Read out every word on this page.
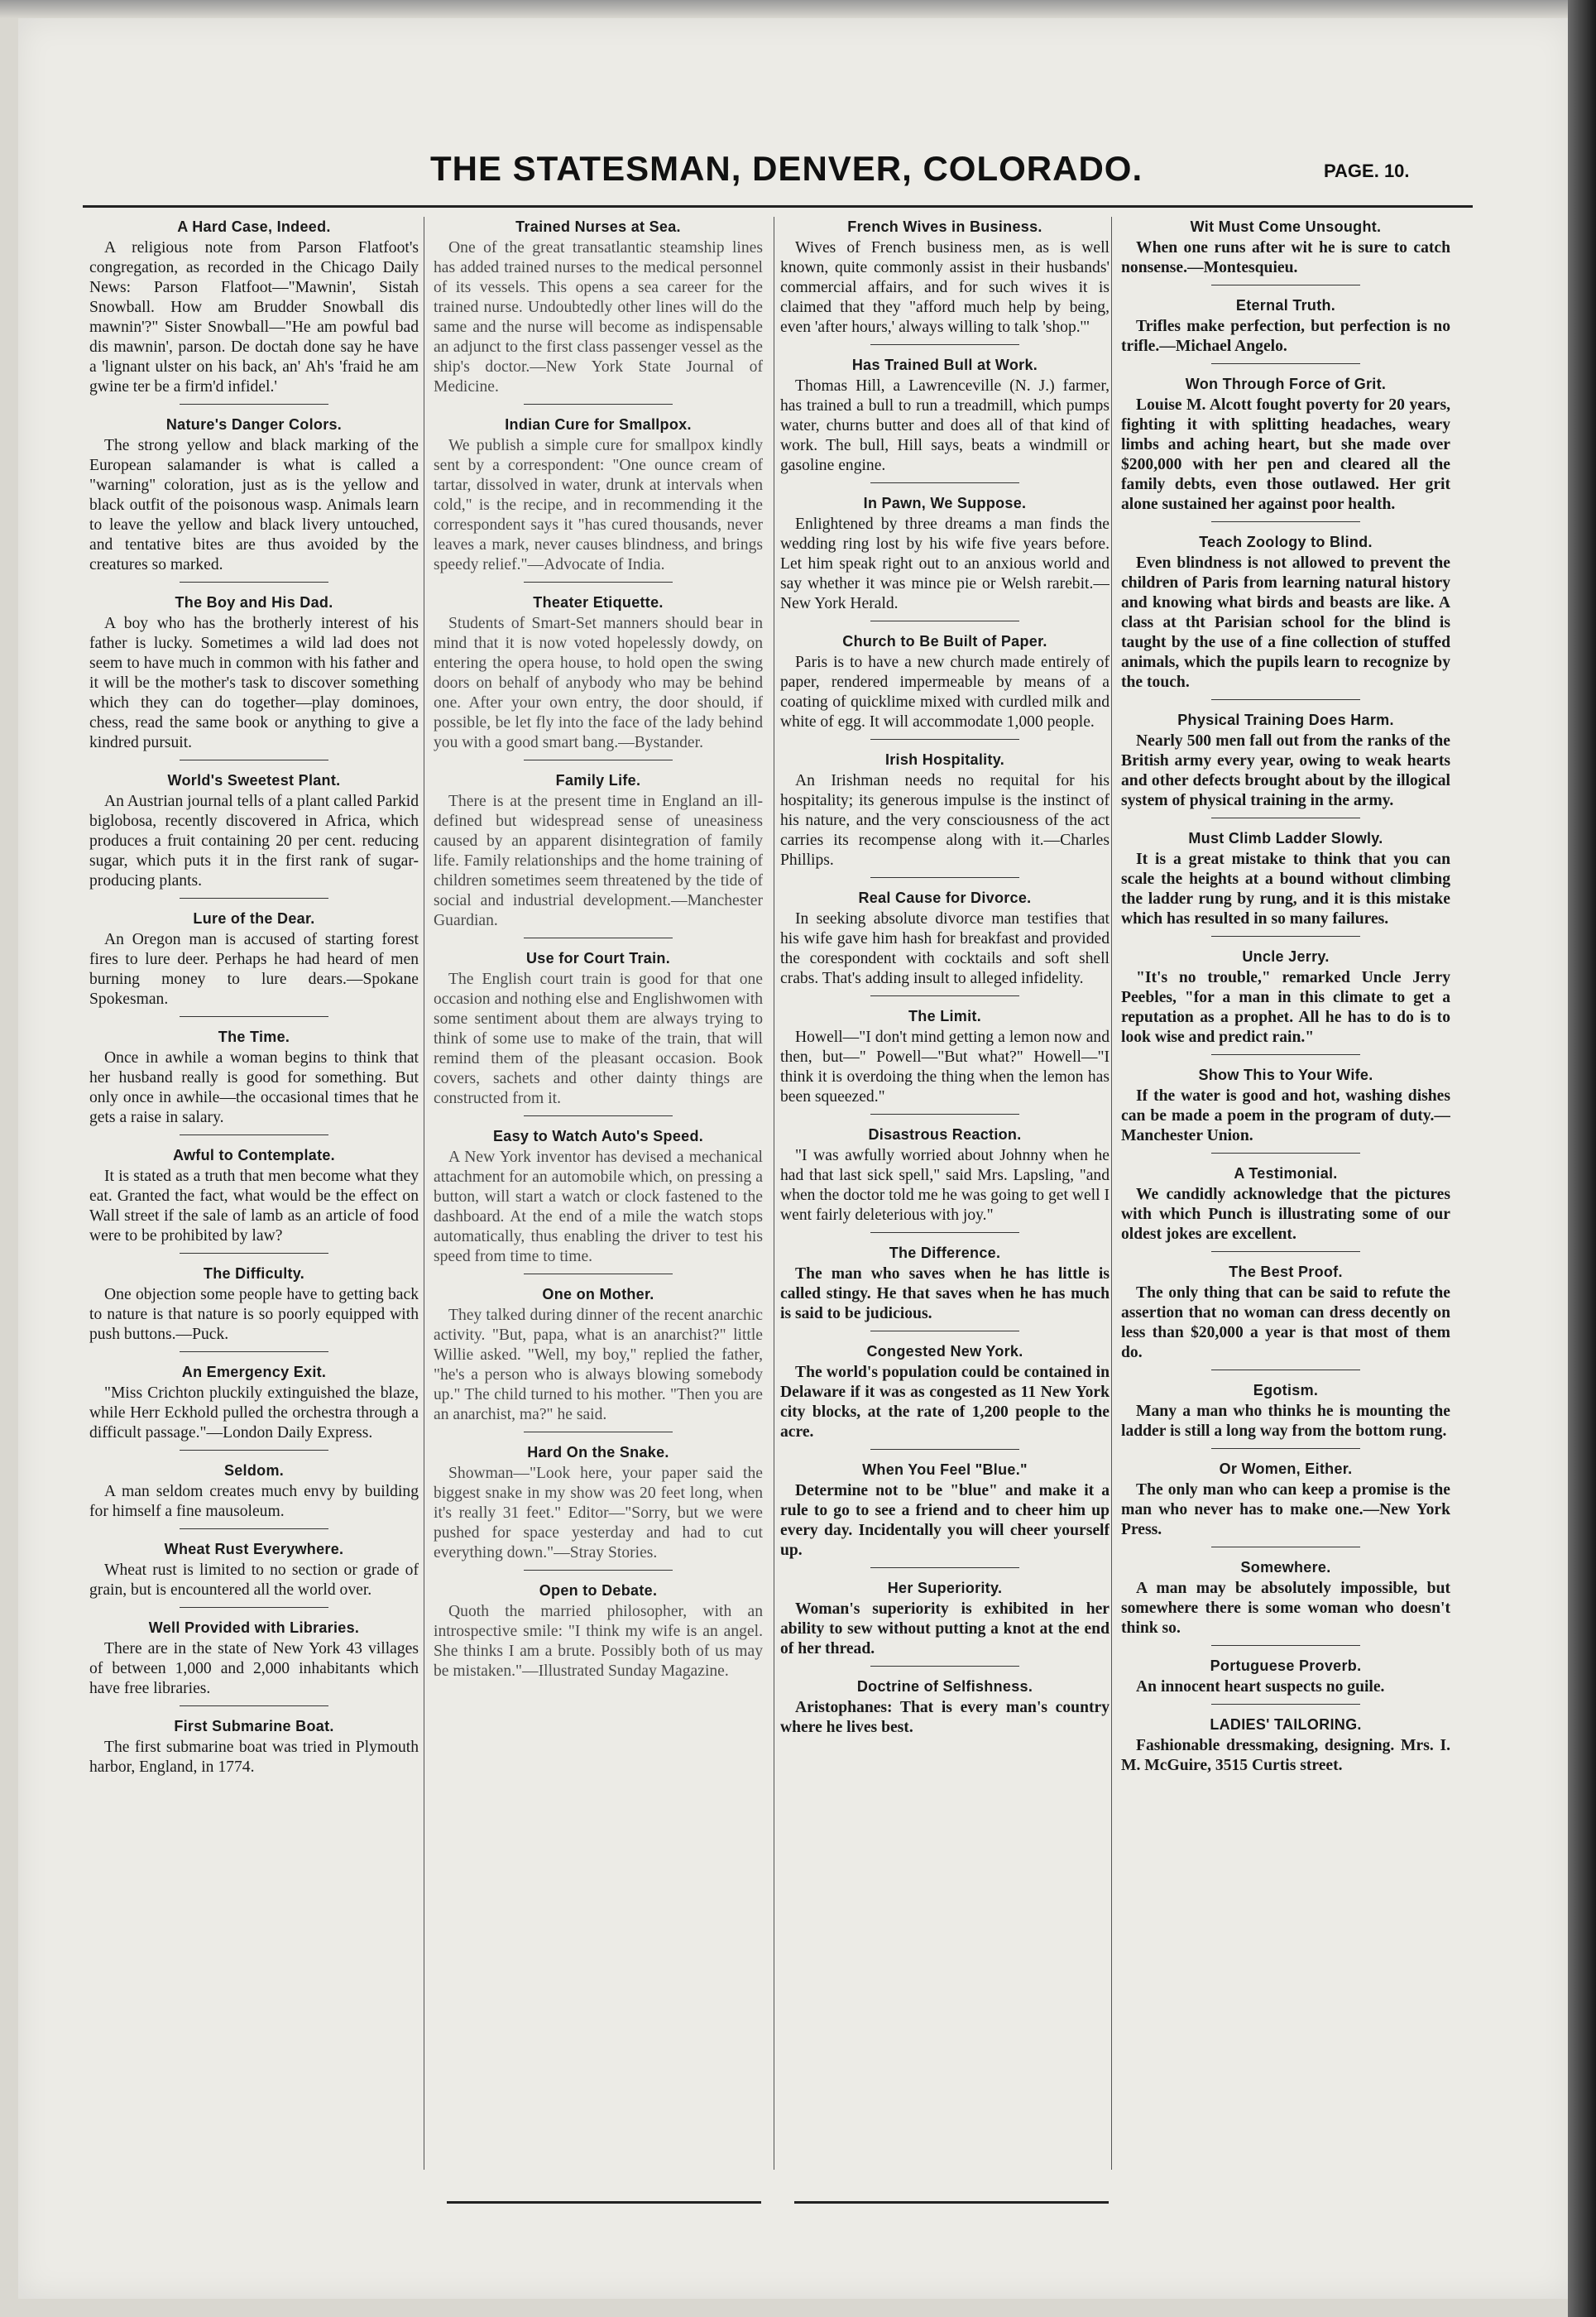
THE STATESMAN, DENVER, COLORADO.	PAGE. 10.
A Hard Case, Indeed.

A religious note from Parson Flatfoot's congregation, as recorded in the Chicago Daily News: Parson Flatfoot—"Mawnin', Sistah Snowball. How am Brudder Snowball dis mawnin'?" Sister Snowball—"He am powful bad dis mawnin', parson. De doctah done say he have a 'lignant ulster on his back, an' Ah's 'fraid he am gwine ter be a firm'd infidel.'

Nature's Danger Colors.

The strong yellow and black marking of the European salamander is what is called a "warning" coloration, just as is the yellow and black outfit of the poisonous wasp. Animals learn to leave the yellow and black livery untouched, and tentative bites are thus avoided by the creatures so marked.

The Boy and His Dad.

A boy who has the brotherly interest of his father is lucky. Sometimes a wild lad does not seem to have much in common with his father and it will be the mother's task to discover something which they can do together—play dominoes, chess, read the same book or anything to give a kindred pursuit.

World's Sweetest Plant.

An Austrian journal tells of a plant called Parkid biglobosa, recently discovered in Africa, which produces a fruit containing 20 per cent. reducing sugar, which puts it in the first rank of sugar-producing plants.

Lure of the Dear.

An Oregon man is accused of starting forest fires to lure deer. Perhaps he had heard of men burning money to lure dears.—Spokane Spokesman.

The Time.

Once in awhile a woman begins to think that her husband really is good for something. But only once in awhile—the occasional times that he gets a raise in salary.

Awful to Contemplate.

It is stated as a truth that men become what they eat. Granted the fact, what would be the effect on Wall street if the sale of lamb as an article of food were to be prohibited by law?

The Difficulty.

One objection some people have to getting back to nature is that nature is so poorly equipped with push buttons.—Puck.

An Emergency Exit.

"Miss Crichton pluckily extinguished the blaze, while Herr Eckhold pulled the orchestra through a difficult passage."—London Daily Express.

Seldom.

A man seldom creates much envy by building for himself a fine mausoleum.

Wheat Rust Everywhere.

Wheat rust is limited to no section or grade of grain, but is encountered all the world over.

Well Provided with Libraries.

There are in the state of New York 43 villages of between 1,000 and 2,000 inhabitants which have free libraries.

First Submarine Boat.

The first submarine boat was tried in Plymouth harbor, England, in 1774.

Trained Nurses at Sea.

One of the great transatlantic steamship lines has added trained nurses to the medical personnel of its vessels. This opens a sea career for the trained nurse. Undoubtedly other lines will do the same and the nurse will become as indispensable an adjunct to the first class passenger vessel as the ship's doctor.—New York State Journal of Medicine.

Indian Cure for Smallpox.

We publish a simple cure for smallpox kindly sent by a correspondent: "One ounce cream of tartar, dissolved in water, drunk at intervals when cold," is the recipe, and in recommending it the correspondent says it "has cured thousands, never leaves a mark, never causes blindness, and brings speedy relief."—Advocate of India.

Theater Etiquette.

Students of Smart-Set manners should bear in mind that it is now voted hopelessly dowdy, on entering the opera house, to hold open the swing doors on behalf of anybody who may be behind one. After your own entry, the door should, if possible, be let fly into the face of the lady behind you with a good smart bang.—Bystander.

Family Life.

There is at the present time in England an ill-defined but widespread sense of uneasiness caused by an apparent disintegration of family life. Family relationships and the home training of children sometimes seem threatened by the tide of social and industrial development.—Manchester Guardian.

Use for Court Train.

The English court train is good for that one occasion and nothing else and Englishwomen with some sentiment about them are always trying to think of some use to make of the train, that will remind them of the pleasant occasion. Book covers, sachets and other dainty things are constructed from it.

Easy to Watch Auto's Speed.

A New York inventor has devised a mechanical attachment for an automobile which, on pressing a button, will start a watch or clock fastened to the dashboard. At the end of a mile the watch stops automatically, thus enabling the driver to test his speed from time to time.

One on Mother.

They talked during dinner of the recent anarchic activity. "But, papa, what is an anarchist?" little Willie asked. "Well, my boy," replied the father, "he's a person who is always blowing somebody up." The child turned to his mother. "Then you are an anarchist, ma?" he said.

Hard On the Snake.

Showman—"Look here, your paper said the biggest snake in my show was 20 feet long, when it's really 31 feet." Editor—"Sorry, but we were pushed for space yesterday and had to cut everything down."—Stray Stories.

Open to Debate.

Quoth the married philosopher, with an introspective smile: "I think my wife is an angel. She thinks I am a brute. Possibly both of us may be mistaken."—Illustrated Sunday Magazine.

French Wives in Business.

Wives of French business men, as is well known, quite commonly assist in their husbands' commercial affairs, and for such wives it is claimed that they "afford much help by being, even 'after hours,' always willing to talk 'shop.'"

Has Trained Bull at Work.

Thomas Hill, a Lawrenceville (N. J.) farmer, has trained a bull to run a treadmill, which pumps water, churns butter and does all of that kind of work. The bull, Hill says, beats a windmill or gasoline engine.

In Pawn, We Suppose.

Enlightened by three dreams a man finds the wedding ring lost by his wife five years before. Let him speak right out to an anxious world and say whether it was mince pie or Welsh rarebit.—New York Herald.

Church to Be Built of Paper.

Paris is to have a new church made entirely of paper, rendered impermeable by means of a coating of quicklime mixed with curdled milk and white of egg. It will accommodate 1,000 people.

Irish Hospitality.

An Irishman needs no requital for his hospitality; its generous impulse is the instinct of his nature, and the very consciousness of the act carries its recompense along with it.—Charles Phillips.

Real Cause for Divorce.

In seeking absolute divorce man testifies that his wife gave him hash for breakfast and provided the corespondent with cocktails and soft shell crabs. That's adding insult to alleged infidelity.

The Limit.

Howell—"I don't mind getting a lemon now and then, but—" Powell—"But what?" Howell—"I think it is overdoing the thing when the lemon has been squeezed."

Disastrous Reaction.

"I was awfully worried about Johnny when he had that last sick spell," said Mrs. Lapsling, "and when the doctor told me he was going to get well I went fairly deleterious with joy."

The Difference.

The man who saves when he has little is called stingy. He that saves when he has much is said to be judicious.

Congested New York.

The world's population could be contained in Delaware if it was as congested as 11 New York city blocks, at the rate of 1,200 people to the acre.

When You Feel "Blue."

Determine not to be "blue" and make it a rule to go to see a friend and to cheer him up every day. Incidentally you will cheer yourself up.

Her Superiority.

Woman's superiority is exhibited in her ability to sew without putting a knot at the end of her thread.

Doctrine of Selfishness.

Aristophanes: That is every man's country where he lives best.

Wit Must Come Unsought.

When one runs after wit he is sure to catch nonsense.—Montesquieu.

Eternal Truth.

Trifles make perfection, but perfection is no trifle.—Michael Angelo.

Won Through Force of Grit.

Louise M. Alcott fought poverty for 20 years, fighting it with splitting headaches, weary limbs and aching heart, but she made over $200,000 with her pen and cleared all the family debts, even those outlawed. Her grit alone sustained her against poor health.

Teach Zoology to Blind.

Even blindness is not allowed to prevent the children of Paris from learning natural history and knowing what birds and beasts are like. A class at tht Parisian school for the blind is taught by the use of a fine collection of stuffed animals, which the pupils learn to recognize by the touch.

Physical Training Does Harm.

Nearly 500 men fall out from the ranks of the British army every year, owing to weak hearts and other defects brought about by the illogical system of physical training in the army.

Must Climb Ladder Slowly.

It is a great mistake to think that you can scale the heights at a bound without climbing the ladder rung by rung, and it is this mistake which has resulted in so many failures.

Uncle Jerry.

"It's no trouble," remarked Uncle Jerry Peebles, "for a man in this climate to get a reputation as a prophet. All he has to do is to look wise and predict rain."

Show This to Your Wife.

If the water is good and hot, washing dishes can be made a poem in the program of duty.—Manchester Union.

A Testimonial.

We candidly acknowledge that the pictures with which Punch is illustrating some of our oldest jokes are excellent.

The Best Proof.

The only thing that can be said to refute the assertion that no woman can dress decently on less than $20,000 a year is that most of them do.

Egotism.

Many a man who thinks he is mounting the ladder is still a long way from the bottom rung.

Or Women, Either.

The only man who can keep a promise is the man who never has to make one.—New York Press.

Somewhere.

A man may be absolutely impossible, but somewhere there is some woman who doesn't think so.

Portuguese Proverb.

An innocent heart suspects no guile.

LADIES' TAILORING.

Fashionable dressmaking, designing. Mrs. I. M. McGuire, 3515 Curtis street.
